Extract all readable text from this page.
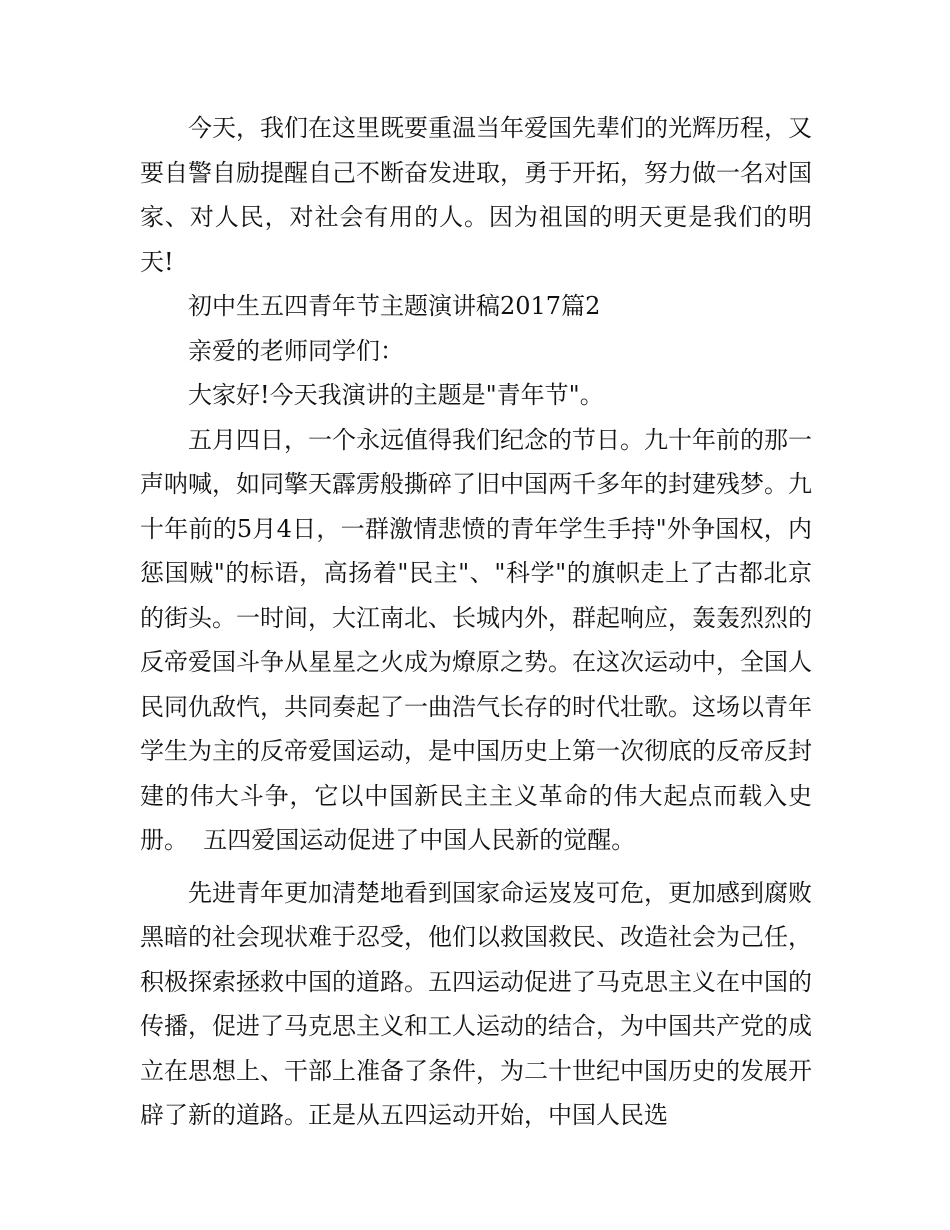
今天，我们在这里既要重温当年爱国先辈们的光辉历程，又要自警自励提醒自己不断奋发进取，勇于开拓，努力做一名对国家、对人民，对社会有用的人。因为祖国的明天更是我们的明天!

初中生五四青年节主题演讲稿2017篇2

亲爱的老师同学们：

大家好!今天我演讲的主题是"青年节"。

五月四日，一个永远值得我们纪念的节日。九十年前的那一声呐喊，如同擎天霹雳般撕碎了旧中国两千多年的封建残梦。九十年前的5月4日，一群激情悲愤的青年学生手持"外争国权，内惩国贼"的标语，高扬着"民主"、"科学"的旗帜走上了古都北京的街头。一时间，大江南北、长城内外，群起响应，轰轰烈烈的反帝爱国斗争从星星之火成为燎原之势。在这次运动中，全国人民同仇敌忾，共同奏起了一曲浩气长存的时代壮歌。这场以青年学生为主的反帝爱国运动，是中国历史上第一次彻底的反帝反封建的伟大斗争，它以中国新民主主义革命的伟大起点而载入史册。  五四爱国运动促进了中国人民新的觉醒。

先进青年更加清楚地看到国家命运岌岌可危，更加感到腐败黑暗的社会现状难于忍受，他们以救国救民、改造社会为己任，积极探索拯救中国的道路。五四运动促进了马克思主义在中国的传播，促进了马克思主义和工人运动的结合，为中国共产党的成立在思想上、干部上准备了条件，为二十世纪中国历史的发展开辟了新的道路。正是从五四运动开始，中国人民选
